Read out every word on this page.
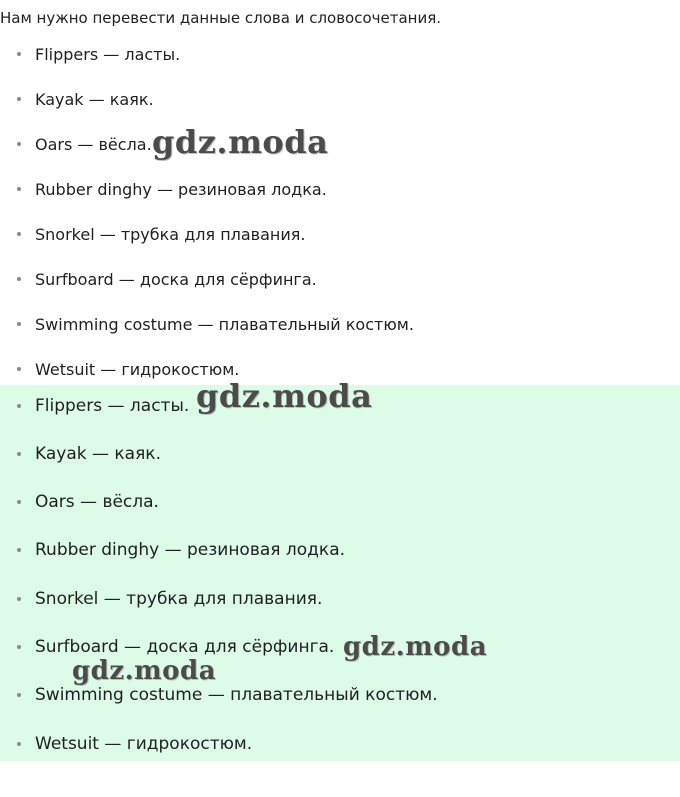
Нам нужно перевести данные слова и словосочетания.
Flippers — ласты.
Kayak — каяк.
Oars — вёсла.
Rubber dinghy — резиновая лодка.
Snorkel — трубка для плавания.
Surfboard — доска для сёрфинга.
Swimming costume — плавательный костюм.
Wetsuit — гидрокостюм.
Flippers — ласты.
Kayak — каяк.
Oars — вёсла.
Rubber dinghy — резиновая лодка.
Snorkel — трубка для плавания.
Surfboard — доска для сёрфинга.
Swimming costume — плавательный костюм.
Wetsuit — гидрокостюм.
gdz.moda
gdz.moda
gdz.moda
gdz.moda
